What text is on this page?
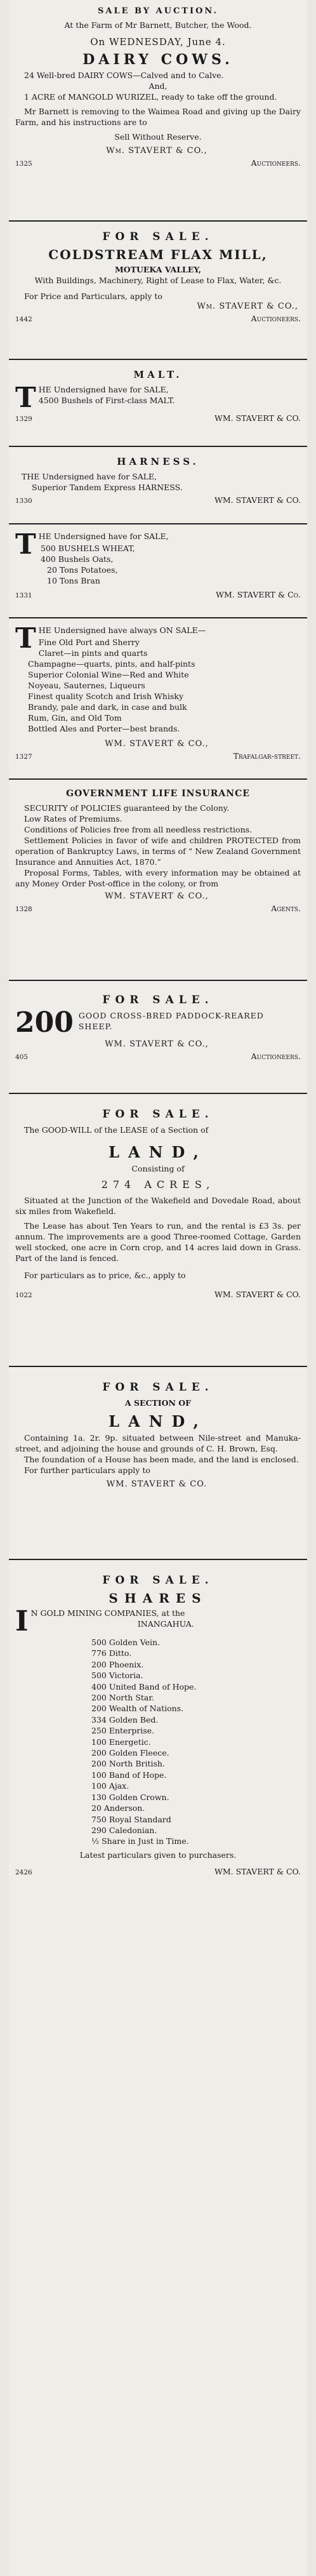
SALE BY AUCTION.
At the Farm of Mr Barnett, Butcher, the Wood.
On WEDNESDAY, June 4.
DAIRY COWS.

24 Well-bred DAIRY COWS—Calved and to Calve.

And,

1 ACRE of MANGOLD WURIZEL, ready to take off the ground.

Mr Barnett is removing to the Waimea Road and giving up the Dairy Farm, and his instructions are to

Sell Without Reserve.
Wm. STAVERT & CO.,
1325	Auctioneers.
FOR SALE.
COLDSTREAM FLAX MILL,
MOTUEKA VALLEY,
With Buildings, Machinery, Right of Lease to Flax, Water, &c.
For Price and Particulars, apply to
Wm. STAVERT & CO.,
1442	Auctioneers.
MALT.
T HE Undersigned have for SALE,
4500 Bushels of First-class MALT.
1329	WM. STAVERT & CO.
HARNESS.
THE Undersigned have for SALE,
Superior Tandem Express HARNESS.
1330	WM. STAVERT & CO.
T HE Undersigned have for SALE,
500 BUSHELS WHEAT,
400 Bushels Oats,
20 Tons Potatoes,
10 Tons Bran
1331	WM. STAVERT & Co.
T HE Undersigned have always ON SALE—
Fine Old Port and Sherry
Claret—in pints and quarts
Champagne—quarts, pints, and half-pints
Superior Colonial Wine—Red and White
Noyeau, Sauternes, Liqueurs
Finest quality Scotch and Irish Whisky
Brandy, pale and dark, in case and bulk
Rum, Gin, and Old Tom
Bottled Ales and Porter—best brands.
WM. STAVERT & CO.,
1327	Trafalgar-street.
GOVERNMENT LIFE INSURANCE

SECURITY of POLICIES guaranteed by the Colony.

Low Rates of Premiums.

Conditions of Policies free from all needless restrictions.

Settlement Policies in favor of wife and children PROTECTED from operation of Bankruptcy Laws, in terms of “ New Zealand Government Insurance and Annuities Act, 1870.”

Proposal Forms, Tables, with every information may be obtained at any Money Order Post-office in the colony, or from

WM. STAVERT & CO.,
1328	Agents.
FOR SALE.
200 GOOD CROSS-BRED PADDOCK-REARED SHEEP.
WM. STAVERT & CO.,
405	Auctioneers.
FOR SALE.

The GOOD-WILL of the LEASE of a Section of

LAND,
Consisting of
274 ACRES,

Situated at the Junction of the Wakefield and Dovedale Road, about six miles from Wakefield.

The Lease has about Ten Years to run, and the rental is £3 3s. per annum. The improvements are a good Three-roomed Cottage, Garden well stocked, one acre in Corn crop, and 14 acres laid down in Grass. Part of the land is fenced.

For particulars as to price, &c., apply to

1022	WM. STAVERT & CO.
FOR SALE.
A SECTION OF
LAND,

Containing 1a. 2r. 9p. situated between Nile-street and Manuka-street, and adjoining the house and grounds of C. H. Brown, Esq.

The foundation of a House has been made, and the land is enclosed.

For further particulars apply to

WM. STAVERT & CO.
FOR SALE.
SHARES
I N GOLD MINING COMPANIES, at the
INANGAHUA.
500 Golden Vein.
776 Ditto.
200 Phoenix.
500 Victoria.
400 United Band of Hope.
200 North Star.
200 Wealth of Nations.
334 Golden Bed.
250 Enterprise.
100 Energetic.
200 Golden Fleece.
200 North British.
100 Band of Hope.
100 Ajax.
130 Golden Crown.
20 Anderson.
750 Royal Standard
290 Caledonian.
½ Share in Just in Time.
Latest particulars given to purchasers.
2426	WM. STAVERT & CO.
